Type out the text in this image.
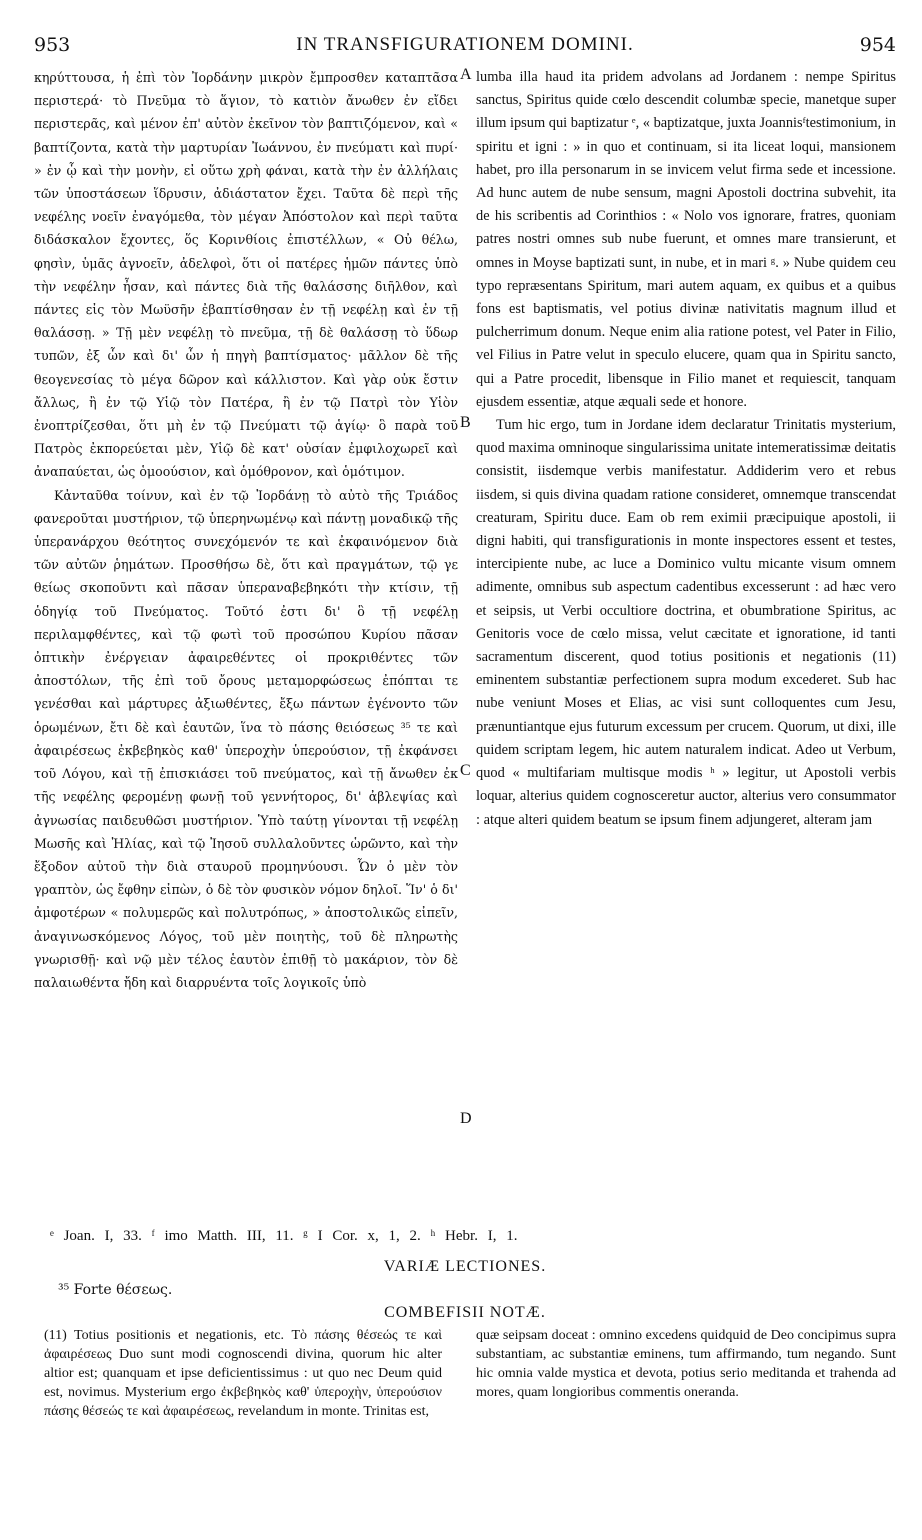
953	IN TRANSFIGURATIONEM DOMINI.	954

κηρύττουσα, ἡ ἐπὶ τὸν Ἰορδάνην μικρὸν ἔμπροσθεν καταπτᾶσα περιστερά· τὸ Πνεῦμα τὸ ἅγιον, τὸ κατιὸν ἄνωθεν ἐν εἴδει περιστερᾶς, καὶ μένον ἐπ' αὐτὸν ἐκεῖνον τὸν βαπτιζόμενον, καὶ « βαπτίζοντα, κατὰ τὴν μαρτυρίαν Ἰωάννου, ἐν πνεύματι καὶ πυρί· » ἐν ᾧ καὶ τὴν μονὴν, εἰ οὕτω χρὴ φάναι, κατὰ τὴν ἐν ἀλλήλαις τῶν ὑποστάσεων ἵδρυσιν, ἀδιάστατον ἔχει. Ταῦτα δὲ περὶ τῆς νεφέλης νοεῖν ἐναγόμεθα, τὸν μέγαν Ἀπόστολον καὶ περὶ ταῦτα διδάσκαλον ἔχοντες, ὅς Κορινθίοις ἐπιστέλλων, « Οὐ θέλω, φησὶν, ὑμᾶς ἀγνοεῖν, ἀδελφοὶ, ὅτι οἱ πατέρες ἡμῶν πάντες ὑπὸ τὴν νεφέλην ἦσαν, καὶ πάντες διὰ τῆς θαλάσσης διῆλθον, καὶ πάντες εἰς τὸν Μωϋσῆν ἐβαπτίσθησαν ἐν τῇ νεφέλῃ καὶ ἐν τῇ θαλάσσῃ. » Τῇ μὲν νεφέλῃ τὸ πνεῦμα, τῇ δὲ θαλάσσῃ τὸ ὕδωρ τυπῶν, ἐξ ὧν καὶ δι' ὧν ἡ πηγὴ βαπτίσματος· μᾶλλον δὲ τῆς θεογενεσίας τὸ μέγα δῶρον καὶ κάλλιστον. Καὶ γὰρ οὐκ ἔστιν ἄλλως, ἢ ἐν τῷ Υἱῷ τὸν Πατέρα, ἢ ἐν τῷ Πατρὶ τὸν Υἱὸν ἐνοπτρίζεσθαι, ὅτι μὴ ἐν τῷ Πνεύματι τῷ ἁγίῳ· ὃ παρὰ τοῦ Πατρὸς ἐκπορεύεται μὲν, Υἱῷ δὲ κατ' οὐσίαν ἐμφιλοχωρεῖ καὶ ἀναπαύεται, ὡς ὁμοούσιον, καὶ ὁμόθρονον, καὶ ὁμότιμον.

Κἀνταῦθα τοίνυν, καὶ ἐν τῷ Ἰορδάνῃ τὸ αὐτὸ τῆς Τριάδος φανεροῦται μυστήριον, τῷ ὑπερηνωμένῳ καὶ πάντῃ μοναδικῷ τῆς ὑπερανάρχου θεότητος συνεχόμενόν τε καὶ ἐκφαινόμενον διὰ τῶν αὐτῶν ῥημάτων. Προσθήσω δὲ, ὅτι καὶ πραγμάτων, τῷ γε θείως σκοποῦντι καὶ πᾶσαν ὑπεραναβεβηκότι τὴν κτίσιν, τῇ ὁδηγίᾳ τοῦ Πνεύματος. Τοῦτό ἐστι δι' ὃ τῇ νεφέλῃ περιλαμφθέντες, καὶ τῷ φωτὶ τοῦ προσώπου Κυρίου πᾶσαν ὀπτικὴν ἐνέργειαν ἀφαιρεθέντες οἱ προκριθέντες τῶν ἀποστόλων, τῆς ἐπὶ τοῦ ὄρους μεταμορφώσεως ἐπόπται τε γενέσθαι καὶ μάρτυρες ἀξιωθέντες, ἔξω πάντων ἐγένοντο τῶν ὁρωμένων, ἔτι δὲ καὶ ἑαυτῶν, ἵνα τὸ πάσης θειόσεως ³⁵ τε καὶ ἀφαιρέσεως ἐκβεβηκὸς καθ' ὑπεροχὴν ὑπερούσιον, τῇ ἐκφάνσει τοῦ Λόγου, καὶ τῇ ἐπισκιάσει τοῦ πνεύματος, καὶ τῇ ἄνωθεν ἐκ τῆς νεφέλης φερομένῃ φωνῇ τοῦ γεννήτορος, δι' ἀβλεψίας καὶ ἀγνωσίας παιδευθῶσι μυστήριον. Ὑπὸ ταύτῃ γίνονται τῇ νεφέλῃ Μωσῆς καὶ Ἠλίας, καὶ τῷ Ἰησοῦ συλλαλοῦντες ὡρῶντο, καὶ τὴν ἔξοδον αὐτοῦ τὴν διὰ σταυροῦ προμηνύουσι. Ὧν ὁ μὲν τὸν γραπτὸν, ὡς ἔφθην εἰπὼν, ὁ δὲ τὸν φυσικὸν νόμον δηλοῖ. Ἵν' ὁ δι' ἀμφοτέρων « πολυμερῶς καὶ πολυτρόπως, » ἀποστολικῶς εἰπεῖν, ἀναγινωσκόμενος Λόγος, τοῦ μὲν ποιητὴς, τοῦ δὲ πληρωτὴς γνωρισθῇ· καὶ νῷ μὲν τέλος ἑαυτὸν ἐπιθῇ τὸ μακάριον, τὸν δὲ παλαιωθέντα ἤδη καὶ διαρρυέντα τοῖς λογικοῖς ὑπὸ

A
B
C
D

lumba illa haud ita pridem advolans ad Jordanem : nempe Spiritus sanctus, Spiritus quide cœlo descendit columbæ specie, manetque super illum ipsum qui baptizatur ᵉ, « baptizatque, juxta Joannisᶠtestimonium, in spiritu et igni : » in quo et continuam, si ita liceat loqui, mansionem habet, pro illa personarum in se invicem velut firma sede et incessione. Ad hunc autem de nube sensum, magni Apostoli doctrina subvehit, ita de his scribentis ad Corinthios : « Nolo vos ignorare, fratres, quoniam patres nostri omnes sub nube fuerunt, et omnes mare transierunt, et omnes in Moyse baptizati sunt, in nube, et in mari ᵍ. » Nube quidem ceu typo repræsentans Spiritum, mari autem aquam, ex quibus et a quibus fons est baptismatis, vel potius divinæ nativitatis magnum illud et pulcherrimum donum. Neque enim alia ratione potest, vel Pater in Filio, vel Filius in Patre velut in speculo elucere, quam qua in Spiritu sancto, qui a Patre procedit, libensque in Filio manet et requiescit, tanquam ejusdem essentiæ, atque æquali sede et honore.

Tum hic ergo, tum in Jordane idem declaratur Trinitatis mysterium, quod maxima omninoque singularissima unitate intemeratissimæ deitatis consistit, iisdemque verbis manifestatur. Addiderim vero et rebus iisdem, si quis divina quadam ratione consideret, omnemque transcendat creaturam, Spiritu duce. Eam ob rem eximii præcipuique apostoli, ii digni habiti, qui transfigurationis in monte inspectores essent et testes, intercipiente nube, ac luce a Dominico vultu micante visum omnem adimente, omnibus sub aspectum cadentibus excesserunt : ad hæc vero et seipsis, ut Verbi occultiore doctrina, et obumbratione Spiritus, ac Genitoris voce de cœlo missa, velut cæcitate et ignoratione, id tanti sacramentum discerent, quod totius positionis et negationis (11) eminentem substantiæ perfectionem supra modum excederet. Sub hac nube veniunt Moses et Elias, ac visi sunt colloquentes cum Jesu, prænuntiantque ejus futurum excessum per crucem. Quorum, ut dixi, ille quidem scriptam legem, hic autem naturalem indicat. Adeo ut Verbum, quod « multifariam multisque modis ʰ » legitur, ut Apostoli verbis loquar, alterius quidem cognosceretur auctor, alterius vero consummator : atque alteri quidem beatum se ipsum finem adjungeret, alteram jam

ᵉ Joan. I, 33. ᶠ imo Matth. III, 11. ᵍ I Cor. x, 1, 2. ʰ Hebr. I, 1.
VARIÆ LECTIONES.
³⁵ Forte θέσεως.
COMBEFISII NOTÆ.
(11) Totius positionis et negationis, etc. Τὸ πάσης θέσεώς τε καὶ ἀφαιρέσεως Duo sunt modi cognoscendi divina, quorum hic alter altior est; quanquam et ipse deficientissimus : ut quo nec Deum quid est, novimus. Mysterium ergo ἐκβεβηκὸς καθ' ὑπεροχὴν, ὑπερούσιον πάσης θέσεώς τε καὶ ἀφαιρέσεως, revelandum in monte. Trinitas est,
quæ seipsam doceat : omnino excedens quidquid de Deo concipimus supra substantiam, ac substantiæ eminens, tum affirmando, tum negando. Sunt hic omnia valde mystica et devota, potius serio meditanda et trahenda ad mores, quam longioribus commentis oneranda.
